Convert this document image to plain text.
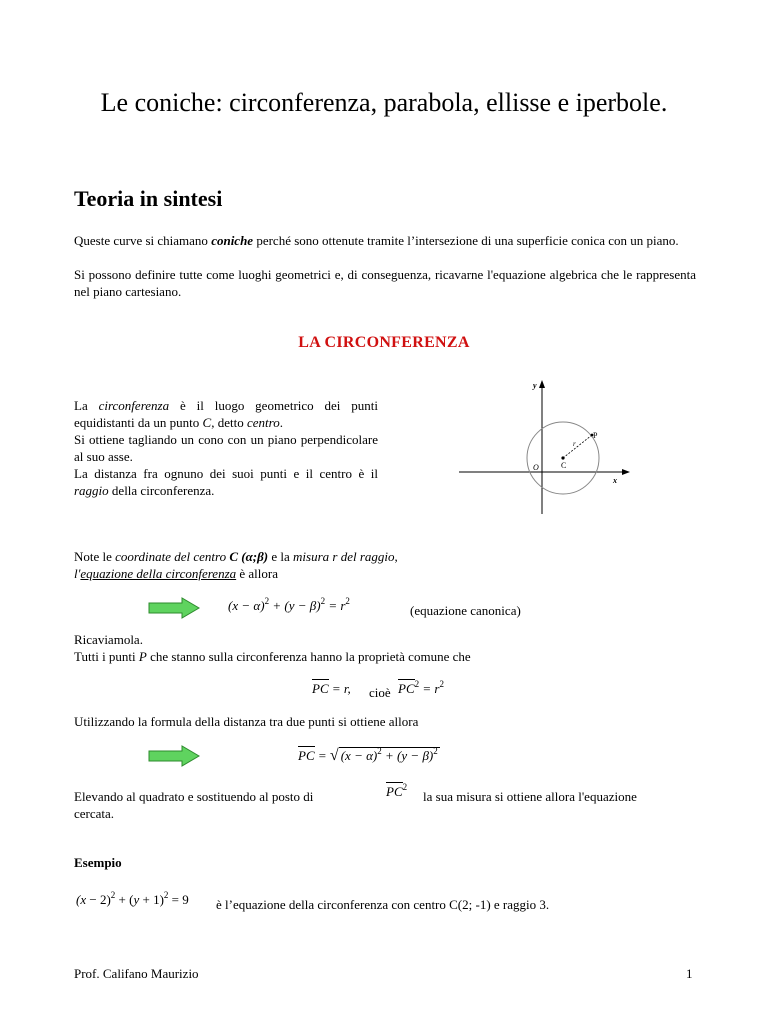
Le coniche: circonferenza, parabola, ellisse e iperbole.
Teoria in sintesi
Queste curve si chiamano coniche perché sono ottenute tramite l’intersezione di una superficie conica con un piano.
Si possono definire tutte come luoghi geometrici e, di conseguenza, ricavarne l'equazione algebrica che le rappresenta nel piano cartesiano.
LA CIRCONFERENZA
La circonferenza è il luogo geometrico dei punti equidistanti da un punto C, detto centro.
Si ottiene tagliando un cono con un piano perpendicolare al suo asse.
La distanza fra ognuno dei suoi punti e il centro è il raggio della circonferenza.
y
x
O	C
r
P
Note le coordinate del centro C (α;β) e la misura r del raggio,
l'equazione della circonferenza è allora
$(x - \alpha)^2 + (y - \beta)^2 = r^2$
(equazione canonica)
Ricaviamola.
Tutti i punti P che stanno sulla circonferenza hanno la proprietà comune che
PC = r, cioè $PC^2 = r^2$
Utilizzando la formula della distanza tra due punti si ottiene allora
PC = √ $(x - \alpha)^2 + (y - \beta)^2$
Elevando al quadrato e sostituendo al posto di	$PC^2$
la sua misura si ottiene allora l'equazione
cercata.
Esempio
$(x - 2)^2 + (y + 1)^2 = 9$ è l’equazione della circonferenza con centro C(2; -1) e raggio 3.
Prof. Califano Maurizio	1
